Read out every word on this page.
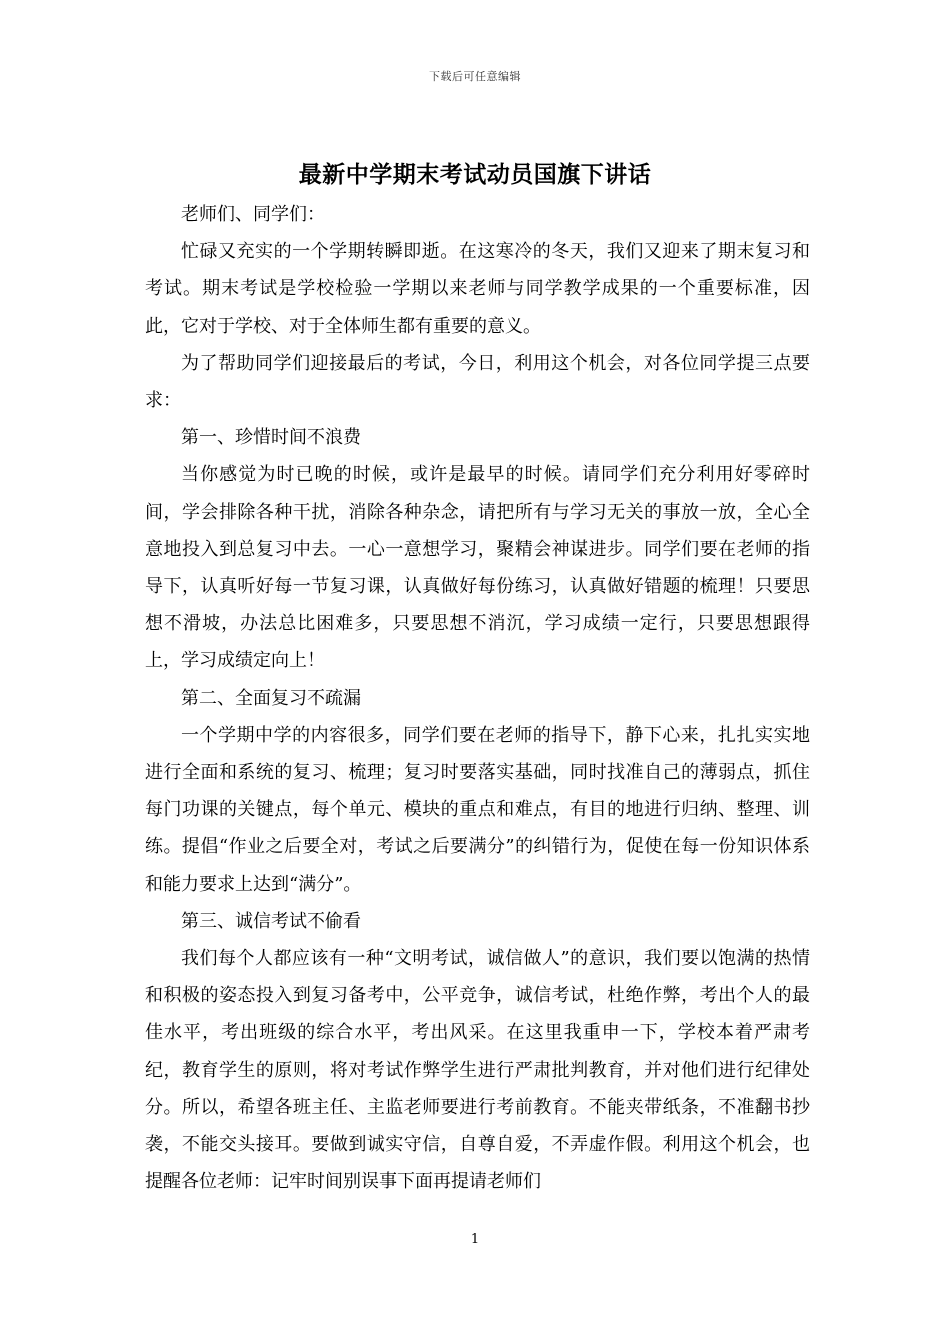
下载后可任意编辑
最新中学期末考试动员国旗下讲话

老师们、同学们：

忙碌又充实的一个学期转瞬即逝。在这寒冷的冬天，我们又迎来了期末复习和考试。期末考试是学校检验一学期以来老师与同学教学成果的一个重要标准，因此，它对于学校、对于全体师生都有重要的意义。

为了帮助同学们迎接最后的考试，今日，利用这个机会，对各位同学提三点要求：

第一、珍惜时间不浪费

当你感觉为时已晚的时候，或许是最早的时候。请同学们充分利用好零碎时间，学会排除各种干扰，消除各种杂念，请把所有与学习无关的事放一放，全心全意地投入到总复习中去。一心一意想学习，聚精会神谋进步。同学们要在老师的指导下，认真听好每一节复习课，认真做好每份练习，认真做好错题的梳理！只要思想不滑坡，办法总比困难多，只要思想不消沉，学习成绩一定行，只要思想跟得上，学习成绩定向上！

第二、全面复习不疏漏

一个学期中学的内容很多，同学们要在老师的指导下，静下心来，扎扎实实地进行全面和系统的复习、梳理；复习时要落实基础，同时找准自己的薄弱点，抓住每门功课的关键点，每个单元、模块的重点和难点，有目的地进行归纳、整理、训练。提倡“作业之后要全对，考试之后要满分”的纠错行为，促使在每一份知识体系和能力要求上达到“满分”。

第三、诚信考试不偷看

我们每个人都应该有一种“文明考试，诚信做人”的意识，我们要以饱满的热情和积极的姿态投入到复习备考中，公平竞争，诚信考试，杜绝作弊，考出个人的最佳水平，考出班级的综合水平，考出风采。在这里我重申一下，学校本着严肃考纪，教育学生的原则，将对考试作弊学生进行严肃批判教育，并对他们进行纪律处分。所以，希望各班主任、主监老师要进行考前教育。不能夹带纸条，不准翻书抄袭，不能交头接耳。要做到诚实守信，自尊自爱，不弄虚作假。利用这个机会，也提醒各位老师：记牢时间别误事下面再提请老师们

1
